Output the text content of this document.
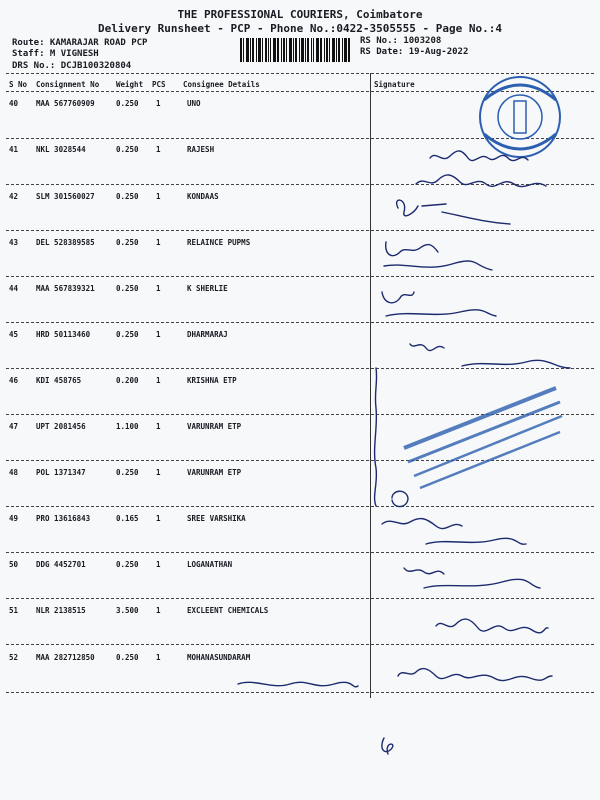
THE PROFESSIONAL COURIERS, Coimbatore
Delivery Runsheet - PCP - Phone No.:0422-3505555 - Page No.:4
Route: KAMARAJAR ROAD PCP
Staff: M VIGNESH
DRS No.: DCJB100320804
RS No.: 1003208
RS Date: 19-Aug-2022
S No Consignment No Weight PCS Consignee Details	Signature
40 MAA 567760909	0.250 1	UNO
41 NKL 3028544	0.250 1	RAJESH
42 SLM 301560027	0.250 1	KONDAAS
43 DEL 528389585	0.250 1	RELAINCE PUPMS
44 MAA 567839321	0.250 1	K SHERLIE
45 HRD 50113460	0.250 1	DHARMARAJ
46 KDI 458765	0.200 1	KRISHNA ETP
47 UPT 2081456	1.100 1	VARUNRAM ETP
48 POL 1371347	0.250 1	VARUNRAM ETP
49 PRO 13616843	0.165 1	SREE VARSHIKA
50 DDG 4452701	0.250 1	LOGANATHAN
51 NLR 2138515	3.500 1	EXCLEENT CHEMICALS
52 MAA 282712850	0.250 1	MOHANASUNDARAM
